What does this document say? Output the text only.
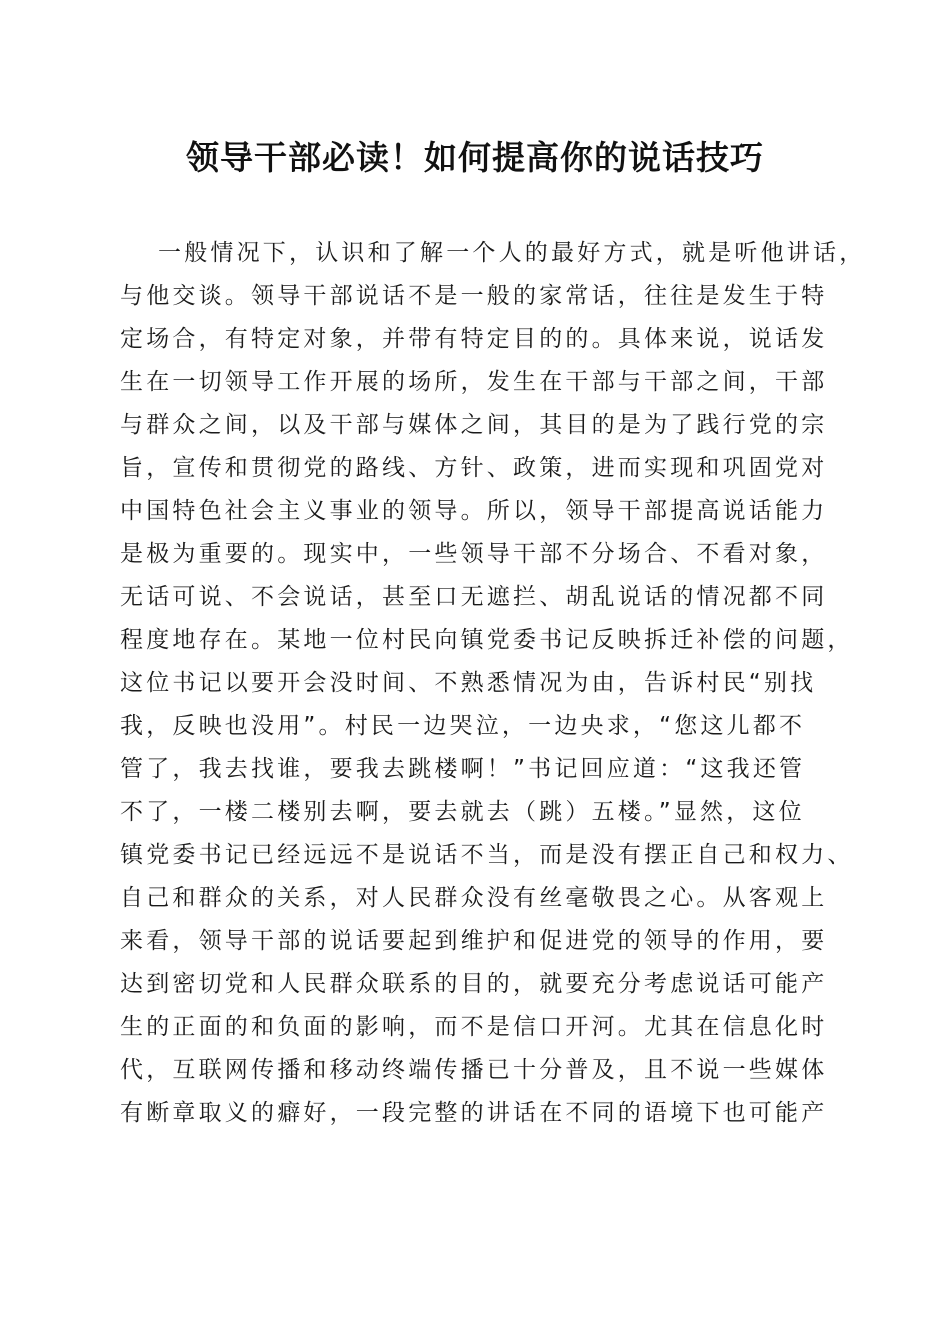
领导干部必读！如何提高你的说话技巧
一般情况下，认识和了解一个人的最好方式，就是听他讲话，
与他交谈。领导干部说话不是一般的家常话，往往是发生于特
定场合，有特定对象，并带有特定目的的。具体来说，说话发
生在一切领导工作开展的场所，发生在干部与干部之间，干部
与群众之间，以及干部与媒体之间，其目的是为了践行党的宗
旨，宣传和贯彻党的路线、方针、政策，进而实现和巩固党对
中国特色社会主义事业的领导。所以，领导干部提高说话能力
是极为重要的。现实中，一些领导干部不分场合、不看对象，
无话可说、不会说话，甚至口无遮拦、胡乱说话的情况都不同
程度地存在。某地一位村民向镇党委书记反映拆迁补偿的问题，
这位书记以要开会没时间、不熟悉情况为由，告诉村民“别找
我，反映也没用”。村民一边哭泣，一边央求，“您这儿都不
管了，我去找谁，要我去跳楼啊！”书记回应道：“这我还管
不了，一楼二楼别去啊，要去就去（跳）五楼。”显然，这位
镇党委书记已经远远不是说话不当，而是没有摆正自己和权力、
自己和群众的关系，对人民群众没有丝毫敬畏之心。从客观上
来看，领导干部的说话要起到维护和促进党的领导的作用，要
达到密切党和人民群众联系的目的，就要充分考虑说话可能产
生的正面的和负面的影响，而不是信口开河。尤其在信息化时
代，互联网传播和移动终端传播已十分普及，且不说一些媒体
有断章取义的癖好，一段完整的讲话在不同的语境下也可能产
